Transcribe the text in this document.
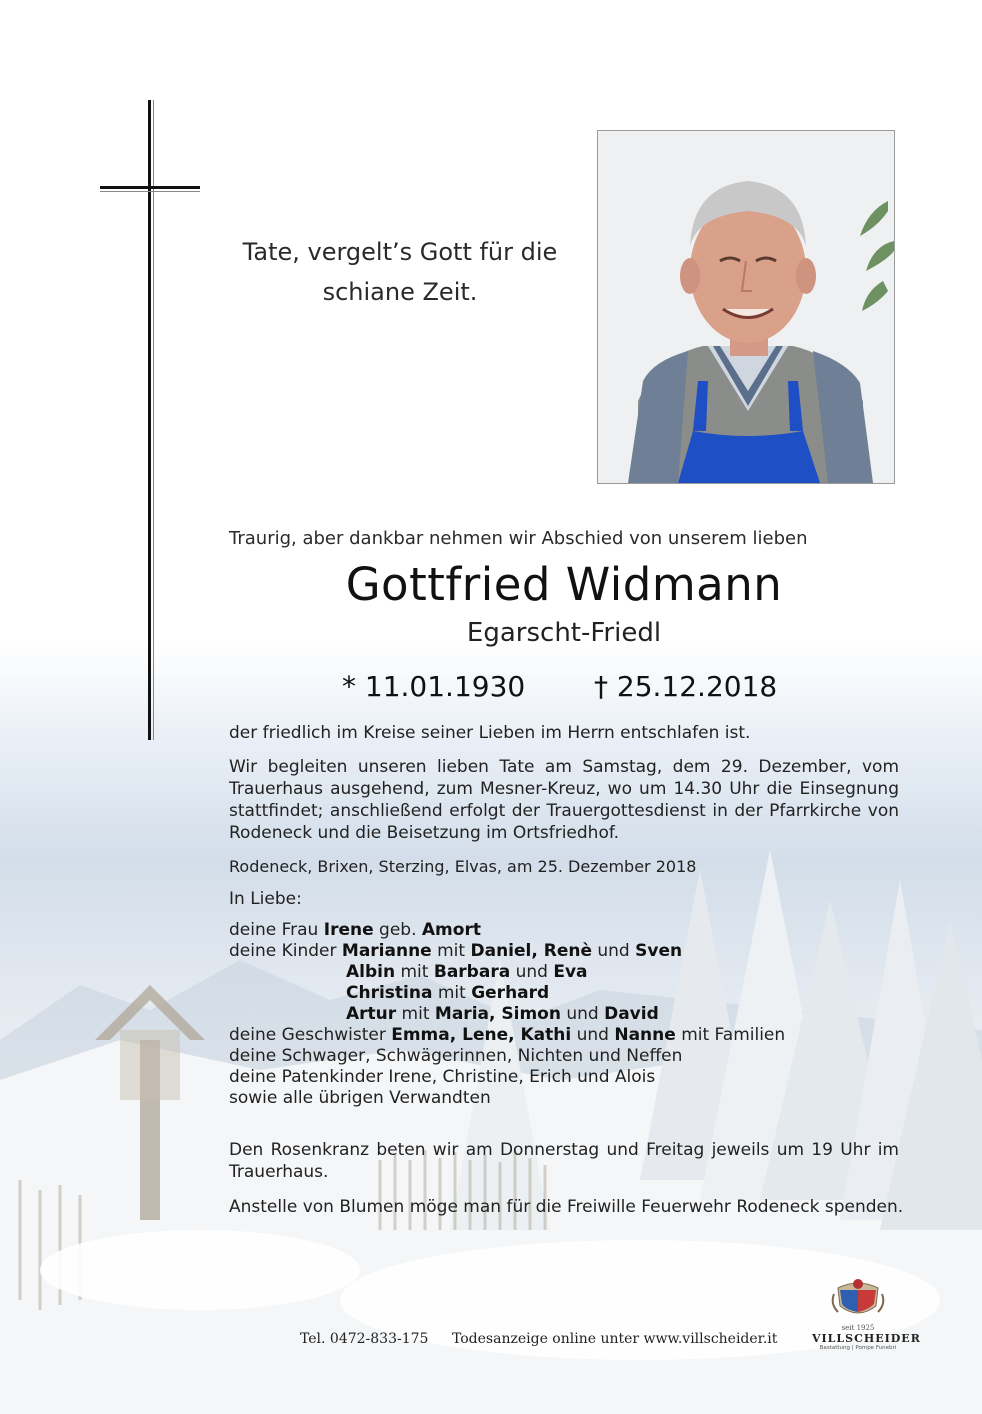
Tate, vergelt’s Gott für die
schiane Zeit.
Traurig, aber dankbar nehmen wir Abschied von unserem lieben
Gottfried Widmann
Egarscht-Friedl
* 11.01.1930 † 25.12.2018
der friedlich im Kreise seiner Lieben im Herrn entschlafen ist.
Wir begleiten unseren lieben Tate am Samstag, dem 29. Dezember, vom Trauerhaus ausgehend, zum Mesner-Kreuz, wo um 14.30 Uhr die Einsegnung stattfindet; anschließend erfolgt der Trauergottesdienst in der Pfarrkirche von Rodeneck und die Beisetzung im Ortsfriedhof.
Rodeneck, Brixen, Sterzing, Elvas, am 25. Dezember 2018
In Liebe:
deine Frau Irene geb. Amort
deine Kinder Marianne mit Daniel, Renè und Sven
Albin mit Barbara und Eva
Christina mit Gerhard
Artur mit Maria, Simon und David
deine Geschwister Emma, Lene, Kathi und Nanne mit Familien
deine Schwager, Schwägerinnen, Nichten und Neffen
deine Patenkinder Irene, Christine, Erich und Alois
sowie alle übrigen Verwandten
Den Rosenkranz beten wir am Donnerstag und Freitag jeweils um 19 Uhr im Trauerhaus.
Anstelle von Blumen möge man für die Freiwille Feuerwehr Rodeneck spenden.
Tel. 0472-833-175 Todesanzeige online unter www.villscheider.it
seit 1925
VILLSCHEIDER
Bestattung | Pompe Funebri
